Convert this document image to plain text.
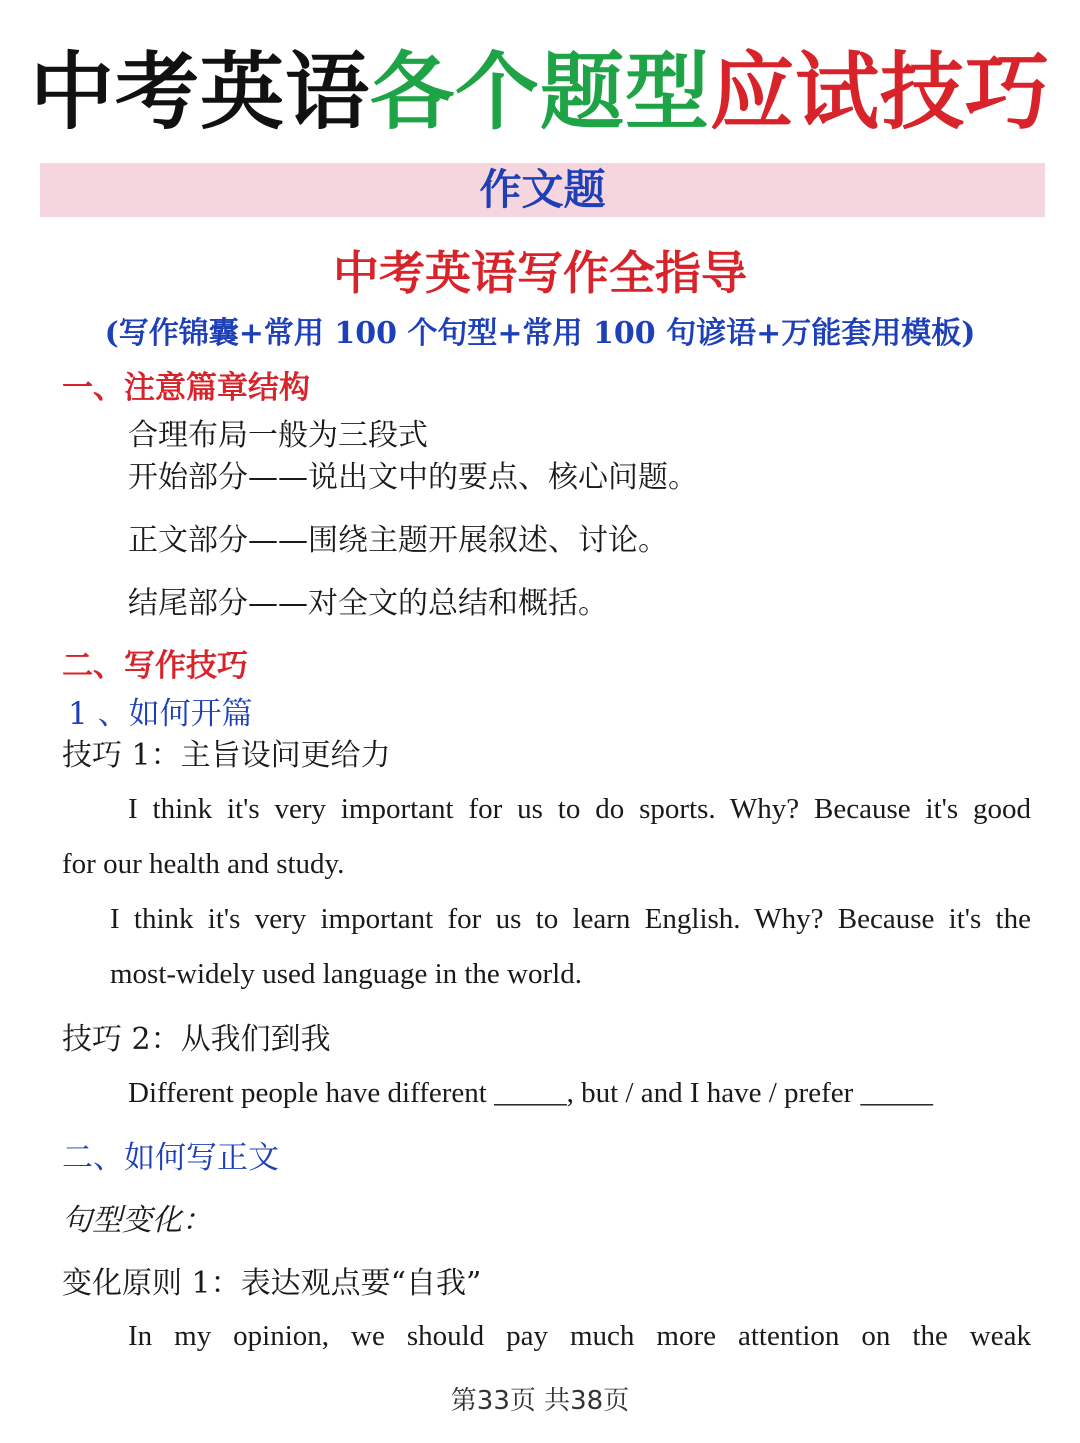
中考英语各个题型应试技巧
作文题
中考英语写作全指导
(写作锦囊+常用 100 个句型+常用 100 句谚语+万能套用模板)
一、注意篇章结构
合理布局一般为三段式
开始部分——说出文中的要点、核心问题。
正文部分——围绕主题开展叙述、讨论。
结尾部分——对全文的总结和概括。
二、写作技巧
1 、如何开篇
技巧 1：主旨设问更给力
I think it's very important for us to do sports. Why? Because it's good
for our health and study.
I think it's very important for us to learn English. Why? Because it's the
most-widely used language in the world.
技巧 2：从我们到我
Different people have different _____, but / and I have / prefer _____
二、如何写正文
句型变化：
变化原则 1：表达观点要“自我”
In my opinion, we should pay much more attention on the weak
第33页 共38页
